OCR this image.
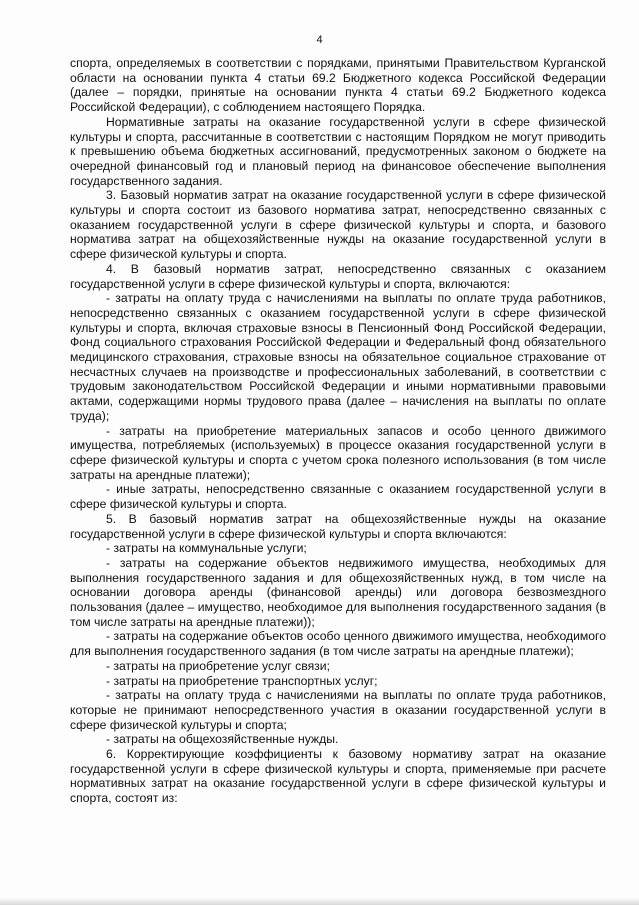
4

спорта, определяемых в соответствии с порядками, принятыми Правительством Курганской области на основании пункта 4 статьи 69.2 Бюджетного кодекса Российской Федерации (далее – порядки, принятые на основании пункта 4 статьи 69.2 Бюджетного кодекса Российской Федерации), с соблюдением настоящего Порядка.

Нормативные затраты на оказание государственной услуги в сфере физической культуры и спорта, рассчитанные в соответствии с настоящим Порядком не могут приводить к превышению объема бюджетных ассигнований, предусмотренных законом о бюджете на очередной финансовый год и плановый период на финансовое обеспечение выполнения государственного задания.

3. Базовый норматив затрат на оказание государственной услуги в сфере физической культуры и спорта состоит из базового норматива затрат, непосредственно связанных с оказанием государственной услуги в сфере физической культуры и спорта, и базового норматива затрат на общехозяйственные нужды на оказание государственной услуги в сфере физической культуры и спорта.

4. В базовый норматив затрат, непосредственно связанных с оказанием государственной услуги в сфере физической культуры и спорта, включаются:

- затраты на оплату труда с начислениями на выплаты по оплате труда работников, непосредственно связанных с оказанием государственной услуги в сфере физической культуры и спорта, включая страховые взносы в Пенсионный Фонд Российской Федерации, Фонд социального страхования Российской Федерации и Федеральный фонд обязательного медицинского страхования, страховые взносы на обязательное социальное страхование от несчастных случаев на производстве и профессиональных заболеваний, в соответствии с трудовым законодательством Российской Федерации и иными нормативными правовыми актами, содержащими нормы трудового права (далее – начисления на выплаты по оплате труда);

- затраты на приобретение материальных запасов и особо ценного движимого имущества, потребляемых (используемых) в процессе оказания государственной услуги в сфере физической культуры и спорта с учетом срока полезного использования (в том числе затраты на арендные платежи);

- иные затраты, непосредственно связанные с оказанием государственной услуги в сфере физической культуры и спорта.

5. В базовый норматив затрат на общехозяйственные нужды на оказание государственной услуги в сфере физической культуры и спорта включаются:

- затраты на коммунальные услуги;

- затраты на содержание объектов недвижимого имущества, необходимых для выполнения государственного задания и для общехозяйственных нужд, в том числе на основании договора аренды (финансовой аренды) или договора безвозмездного пользования (далее – имущество, необходимое для выполнения государственного задания (в том числе затраты на арендные платежи));

- затраты на содержание объектов особо ценного движимого имущества, необходимого для выполнения государственного задания (в том числе затраты на арендные платежи);

- затраты на приобретение услуг связи;

- затраты на приобретение транспортных услуг;

- затраты на оплату труда с начислениями на выплаты по оплате труда работников, которые не принимают непосредственного участия в оказании государственной услуги в сфере физической культуры и спорта;

- затраты на общехозяйственные нужды.

6. Корректирующие коэффициенты к базовому нормативу затрат на оказание государственной услуги в сфере физической культуры и спорта, применяемые при расчете нормативных затрат на оказание государственной услуги в сфере физической культуры и спорта, состоят из:
